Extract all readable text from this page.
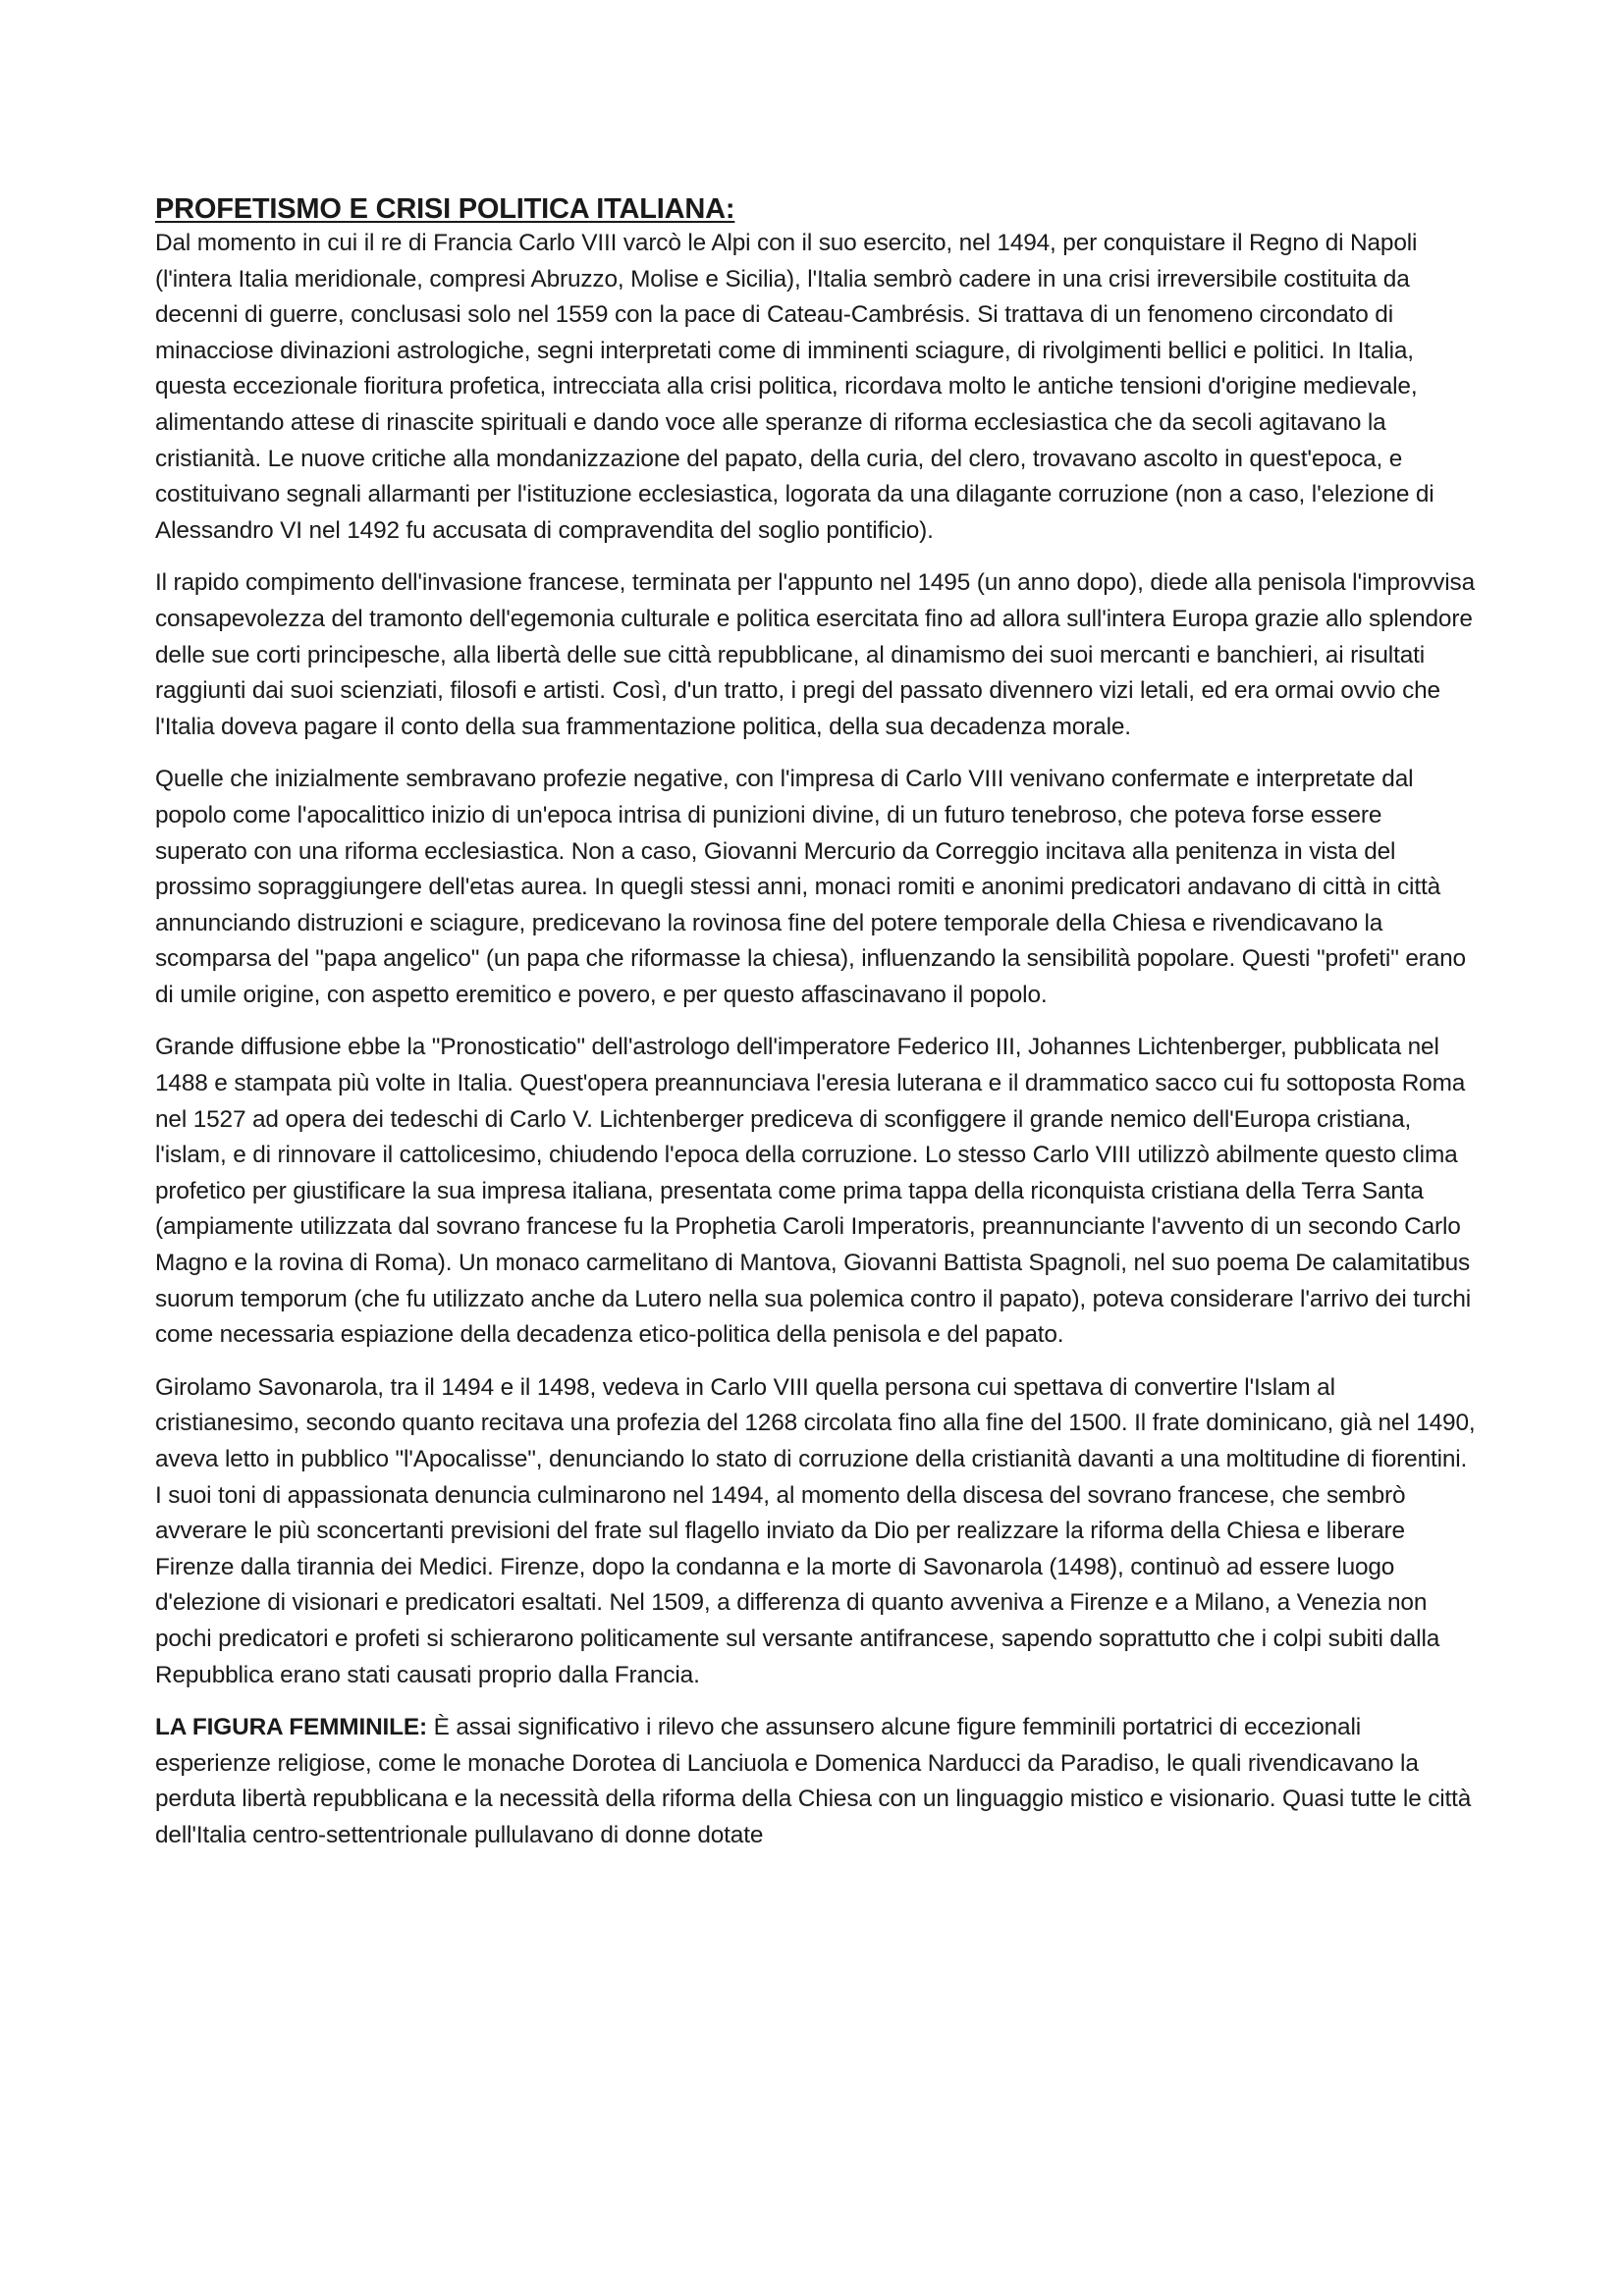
PROFETISMO E CRISI POLITICA ITALIANA:

Dal momento in cui il re di Francia Carlo VIII varcò le Alpi con il suo esercito, nel 1494, per conquistare il Regno di Napoli (l'intera Italia meridionale, compresi Abruzzo, Molise e Sicilia), l'Italia sembrò cadere in una crisi irreversibile costituita da decenni di guerre, conclusasi solo nel 1559 con la pace di Cateau-Cambrésis. Si trattava di un fenomeno circondato di minacciose divinazioni astrologiche, segni interpretati come di imminenti sciagure, di rivolgimenti bellici e politici. In Italia, questa eccezionale fioritura profetica, intrecciata alla crisi politica, ricordava molto le antiche tensioni d'origine medievale, alimentando attese di rinascite spirituali e dando voce alle speranze di riforma ecclesiastica che da secoli agitavano la cristianità. Le nuove critiche alla mondanizzazione del papato, della curia, del clero, trovavano ascolto in quest'epoca, e costituivano segnali allarmanti per l'istituzione ecclesiastica, logorata da una dilagante corruzione (non a caso, l'elezione di Alessandro VI nel 1492 fu accusata di compravendita del soglio pontificio).

Il rapido compimento dell'invasione francese, terminata per l'appunto nel 1495 (un anno dopo), diede alla penisola l'improvvisa consapevolezza del tramonto dell'egemonia culturale e politica esercitata fino ad allora sull'intera Europa grazie allo splendore delle sue corti principesche, alla libertà delle sue città repubblicane, al dinamismo dei suoi mercanti e banchieri, ai risultati raggiunti dai suoi scienziati, filosofi e artisti. Così, d'un tratto, i pregi del passato divennero vizi letali, ed era ormai ovvio che l'Italia doveva pagare il conto della sua frammentazione politica, della sua decadenza morale.

Quelle che inizialmente sembravano profezie negative, con l'impresa di Carlo VIII venivano confermate e interpretate dal popolo come l'apocalittico inizio di un'epoca intrisa di punizioni divine, di un futuro tenebroso, che poteva forse essere superato con una riforma ecclesiastica. Non a caso, Giovanni Mercurio da Correggio incitava alla penitenza in vista del prossimo sopraggiungere dell'etas aurea. In quegli stessi anni, monaci romiti e anonimi predicatori andavano di città in città annunciando distruzioni e sciagure, predicevano la rovinosa fine del potere temporale della Chiesa e rivendicavano la scomparsa del "papa angelico" (un papa che riformasse la chiesa), influenzando la sensibilità popolare. Questi "profeti" erano di umile origine, con aspetto eremitico e povero, e per questo affascinavano il popolo.

Grande diffusione ebbe la "Pronosticatio" dell'astrologo dell'imperatore Federico III, Johannes Lichtenberger, pubblicata nel 1488 e stampata più volte in Italia. Quest'opera preannunciava l'eresia luterana e il drammatico sacco cui fu sottoposta Roma nel 1527 ad opera dei tedeschi di Carlo V. Lichtenberger prediceva di sconfiggere il grande nemico dell'Europa cristiana, l'islam, e di rinnovare il cattolicesimo, chiudendo l'epoca della corruzione. Lo stesso Carlo VIII utilizzò abilmente questo clima profetico per giustificare la sua impresa italiana, presentata come prima tappa della riconquista cristiana della Terra Santa (ampiamente utilizzata dal sovrano francese fu la Prophetia Caroli Imperatoris, preannunciante l'avvento di un secondo Carlo Magno e la rovina di Roma). Un monaco carmelitano di Mantova, Giovanni Battista Spagnoli, nel suo poema De calamitatibus suorum temporum (che fu utilizzato anche da Lutero nella sua polemica contro il papato), poteva considerare l'arrivo dei turchi come necessaria espiazione della decadenza etico-politica della penisola e del papato.

Girolamo Savonarola, tra il 1494 e il 1498, vedeva in Carlo VIII quella persona cui spettava di convertire l'Islam al cristianesimo, secondo quanto recitava una profezia del 1268 circolata fino alla fine del 1500. Il frate dominicano, già nel 1490, aveva letto in pubblico "l'Apocalisse", denunciando lo stato di corruzione della cristianità davanti a una moltitudine di fiorentini. I suoi toni di appassionata denuncia culminarono nel 1494, al momento della discesa del sovrano francese, che sembrò avverare le più sconcertanti previsioni del frate sul flagello inviato da Dio per realizzare la riforma della Chiesa e liberare Firenze dalla tirannia dei Medici. Firenze, dopo la condanna e la morte di Savonarola (1498), continuò ad essere luogo d'elezione di visionari e predicatori esaltati. Nel 1509, a differenza di quanto avveniva a Firenze e a Milano, a Venezia non pochi predicatori e profeti si schierarono politicamente sul versante antifrancese, sapendo soprattutto che i colpi subiti dalla Repubblica erano stati causati proprio dalla Francia.

LA FIGURA FEMMINILE: È assai significativo i rilevo che assunsero alcune figure femminili portatrici di eccezionali esperienze religiose, come le monache Dorotea di Lanciuola e Domenica Narducci da Paradiso, le quali rivendicavano la perduta libertà repubblicana e la necessità della riforma della Chiesa con un linguaggio mistico e visionario. Quasi tutte le città dell'Italia centro-settentrionale pullulavano di donne dotate
